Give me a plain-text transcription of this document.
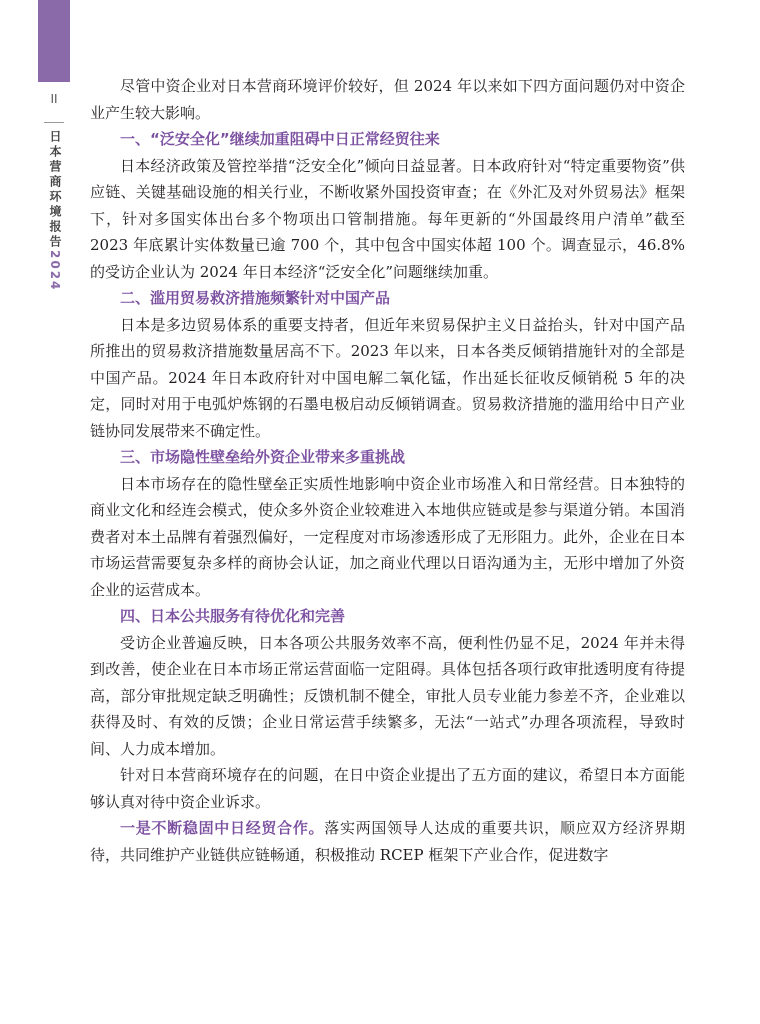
II
日本营商环境报告2024

尽管中资企业对日本营商环境评价较好，但 2024 年以来如下四方面问题仍对中资企业产生较大影响。

一、“泛安全化”继续加重阻碍中日正常经贸往来

日本经济政策及管控举措“泛安全化”倾向日益显著。日本政府针对“特定重要物资”供应链、关键基础设施的相关行业，不断收紧外国投资审查；在《外汇及对外贸易法》框架下，针对多国实体出台多个物项出口管制措施。每年更新的“外国最终用户清单”截至 2023 年底累计实体数量已逾 700 个，其中包含中国实体超 100 个。调查显示，46.8% 的受访企业认为 2024 年日本经济“泛安全化”问题继续加重。

二、滥用贸易救济措施频繁针对中国产品

日本是多边贸易体系的重要支持者，但近年来贸易保护主义日益抬头，针对中国产品所推出的贸易救济措施数量居高不下。2023 年以来，日本各类反倾销措施针对的全部是中国产品。2024 年日本政府针对中国电解二氧化锰，作出延长征收反倾销税 5 年的决定，同时对用于电弧炉炼钢的石墨电极启动反倾销调查。贸易救济措施的滥用给中日产业链协同发展带来不确定性。

三、市场隐性壁垒给外资企业带来多重挑战

日本市场存在的隐性壁垒正实质性地影响中资企业市场准入和日常经营。日本独特的商业文化和经连会模式，使众多外资企业较难进入本地供应链或是参与渠道分销。本国消费者对本土品牌有着强烈偏好，一定程度对市场渗透形成了无形阻力。此外，企业在日本市场运营需要复杂多样的商协会认证，加之商业代理以日语沟通为主，无形中增加了外资企业的运营成本。

四、日本公共服务有待优化和完善

受访企业普遍反映，日本各项公共服务效率不高，便利性仍显不足，2024 年并未得到改善，使企业在日本市场正常运营面临一定阻碍。具体包括各项行政审批透明度有待提高，部分审批规定缺乏明确性；反馈机制不健全，审批人员专业能力参差不齐，企业难以获得及时、有效的反馈；企业日常运营手续繁多，无法“一站式”办理各项流程，导致时间、人力成本增加。

针对日本营商环境存在的问题，在日中资企业提出了五方面的建议，希望日本方面能够认真对待中资企业诉求。

一是不断稳固中日经贸合作。落实两国领导人达成的重要共识，顺应双方经济界期待，共同维护产业链供应链畅通，积极推动 RCEP 框架下产业合作，促进数字
